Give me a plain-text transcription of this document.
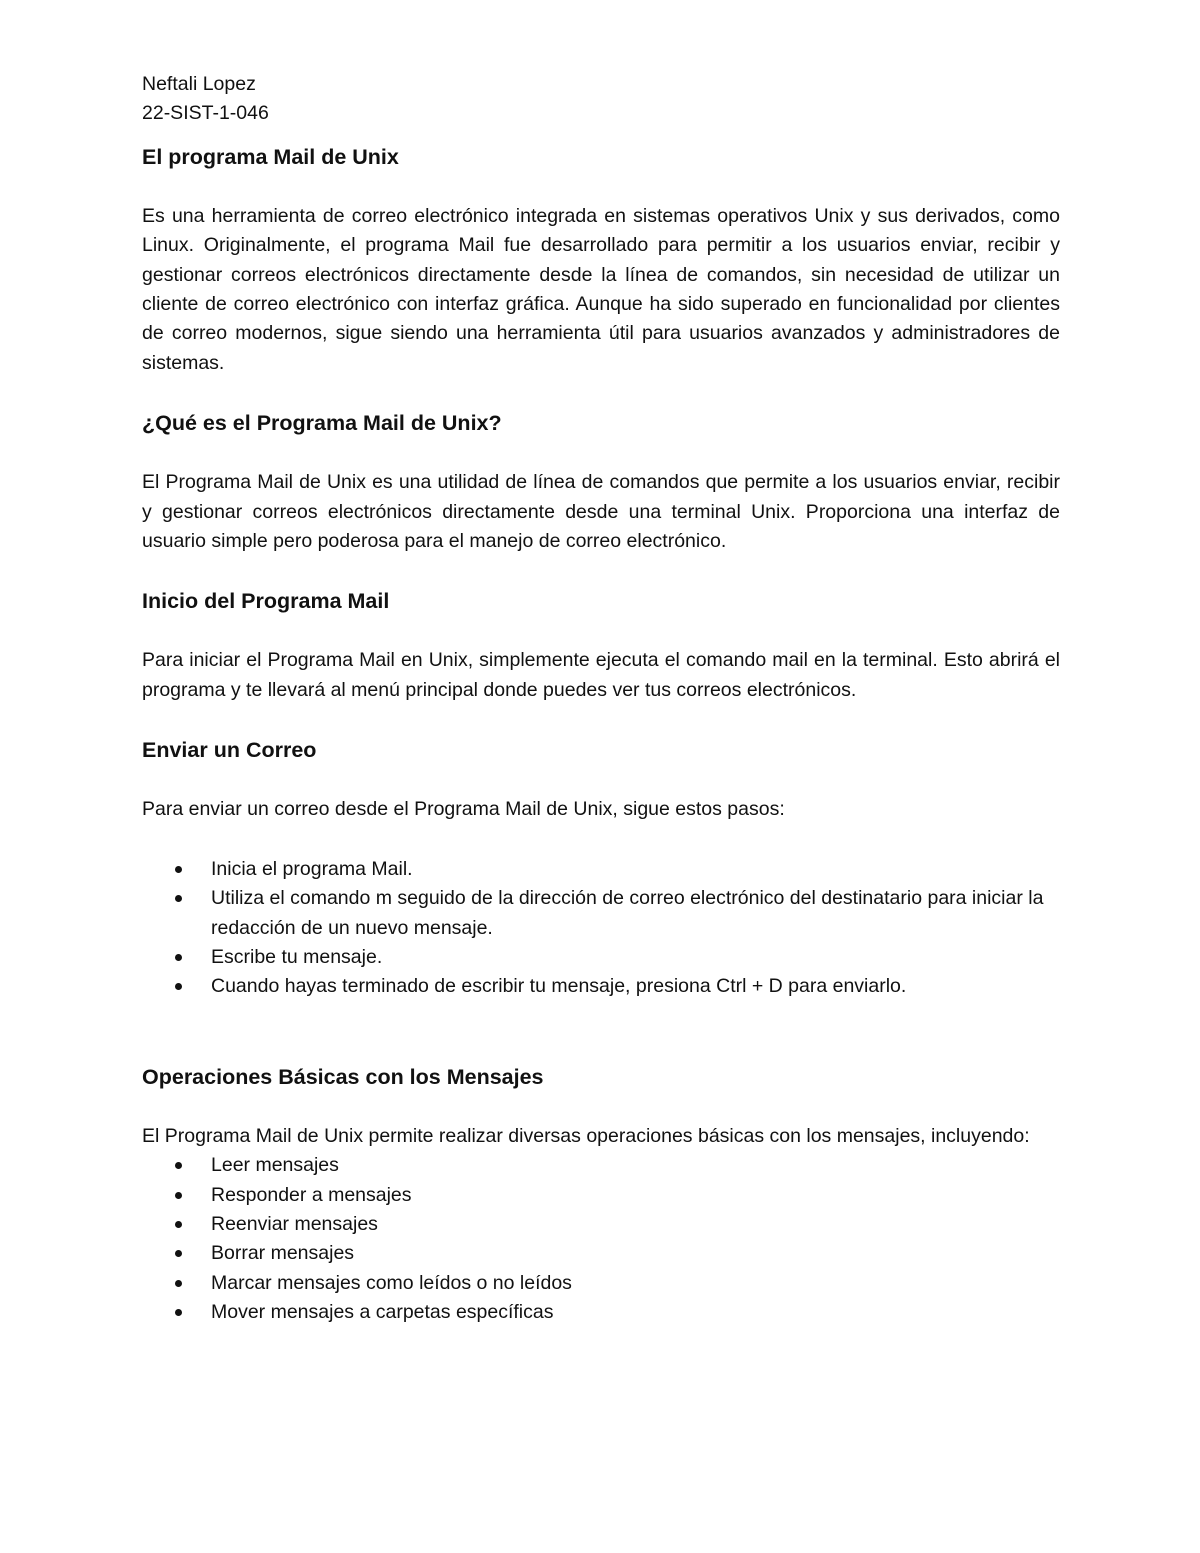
Neftali Lopez

22-SIST-1-046

El programa Mail de Unix

Es una herramienta de correo electrónico integrada en sistemas operativos Unix y sus derivados, como Linux. Originalmente, el programa Mail fue desarrollado para permitir a los usuarios enviar, recibir y gestionar correos electrónicos directamente desde la línea de comandos, sin necesidad de utilizar un cliente de correo electrónico con interfaz gráfica. Aunque ha sido superado en funcionalidad por clientes de correo modernos, sigue siendo una herramienta útil para usuarios avanzados y administradores de sistemas.

¿Qué es el Programa Mail de Unix?

El Programa Mail de Unix es una utilidad de línea de comandos que permite a los usuarios enviar, recibir y gestionar correos electrónicos directamente desde una terminal Unix. Proporciona una interfaz de usuario simple pero poderosa para el manejo de correo electrónico.

Inicio del Programa Mail

Para iniciar el Programa Mail en Unix, simplemente ejecuta el comando mail en la terminal. Esto abrirá el programa y te llevará al menú principal donde puedes ver tus correos electrónicos.

Enviar un Correo

Para enviar un correo desde el Programa Mail de Unix, sigue estos pasos:

Inicia el programa Mail.
Utiliza el comando m seguido de la dirección de correo electrónico del destinatario para iniciar la redacción de un nuevo mensaje.
Escribe tu mensaje.
Cuando hayas terminado de escribir tu mensaje, presiona Ctrl + D para enviarlo.
Operaciones Básicas con los Mensajes

El Programa Mail de Unix permite realizar diversas operaciones básicas con los mensajes, incluyendo:

Leer mensajes
Responder a mensajes
Reenviar mensajes
Borrar mensajes
Marcar mensajes como leídos o no leídos
Mover mensajes a carpetas específicas
